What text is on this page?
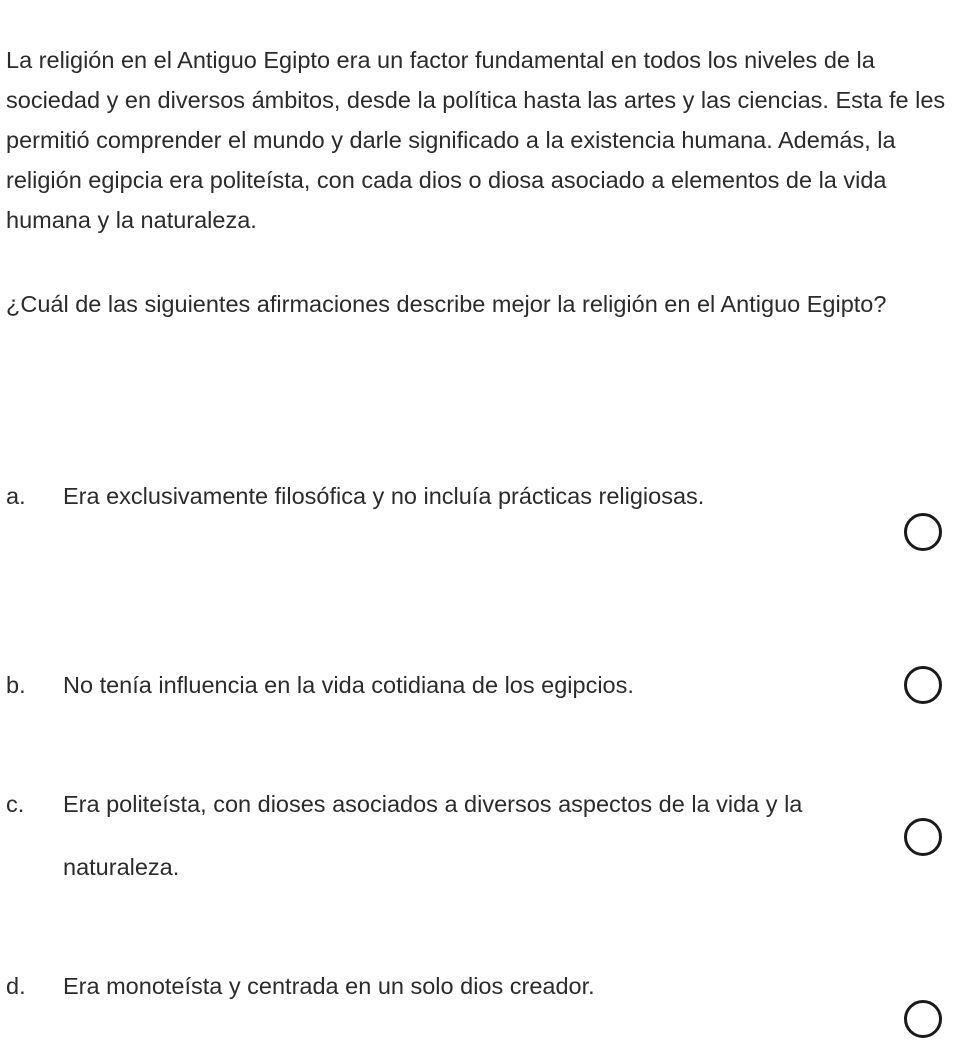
La religión en el Antiguo Egipto era un factor fundamental en todos los niveles de la sociedad y en diversos ámbitos, desde la política hasta las artes y las ciencias. Esta fe les permitió comprender el mundo y darle significado a la existencia humana. Además, la religión egipcia era politeísta, con cada dios o diosa asociado a elementos de la vida humana y la naturaleza.

¿Cuál de las siguientes afirmaciones describe mejor la religión en el Antiguo Egipto?

a. Era exclusivamente filosófica y no incluía prácticas religiosas.
b. No tenía influencia en la vida cotidiana de los egipcios.
c. Era politeísta, con dioses asociados a diversos aspectos de la vida y la naturaleza.
d. Era monoteísta y centrada en un solo dios creador.
